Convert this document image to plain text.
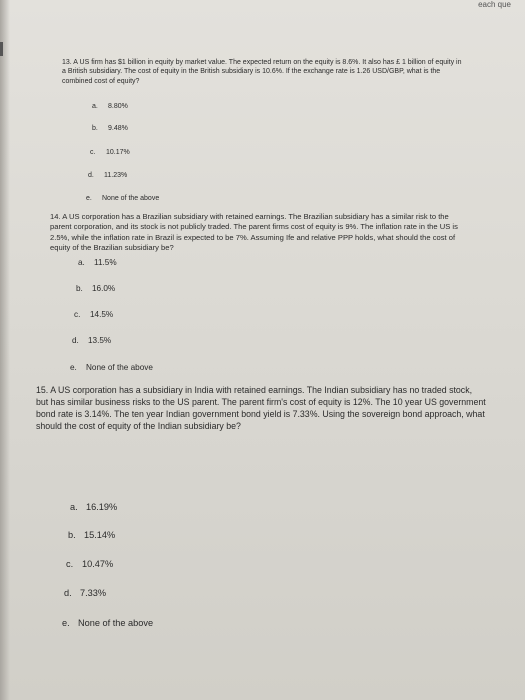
each que
13. A US firm has $1 billion in equity by market value. The expected return on the equity is 8.6%. It also has £ 1 billion of equity in a British subsidiary. The cost of equity in the British subsidiary is 10.6%. If the exchange rate is 1.26 USD/GBP, what is the combined cost of equity?
a. 8.80%
b. 9.48%
c. 10.17%
d. 11.23%
e. None of the above
14. A US corporation has a Brazilian subsidiary with retained earnings. The Brazilian subsidiary has a similar risk to the parent corporation, and its stock is not publicly traded. The parent firms cost of equity is 9%. The inflation rate in the US is 2.5%, while the inflation rate in Brazil is expected to be 7%. Assuming Ife and relative PPP holds, what should the cost of equity of the Brazilian subsidiary be?
a. 11.5%
b. 16.0%
c. 14.5%
d. 13.5%
e. None of the above
15. A US corporation has a subsidiary in India with retained earnings. The Indian subsidiary has no traded stock, but has similar business risks to the US parent. The parent firm's cost of equity is 12%. The 10 year US government bond rate is 3.14%. The ten year Indian government bond yield is 7.33%. Using the sovereign bond approach, what should the cost of equity of the Indian subsidiary be?
a. 16.19%
b. 15.14%
c. 10.47%
d. 7.33%
e. None of the above
